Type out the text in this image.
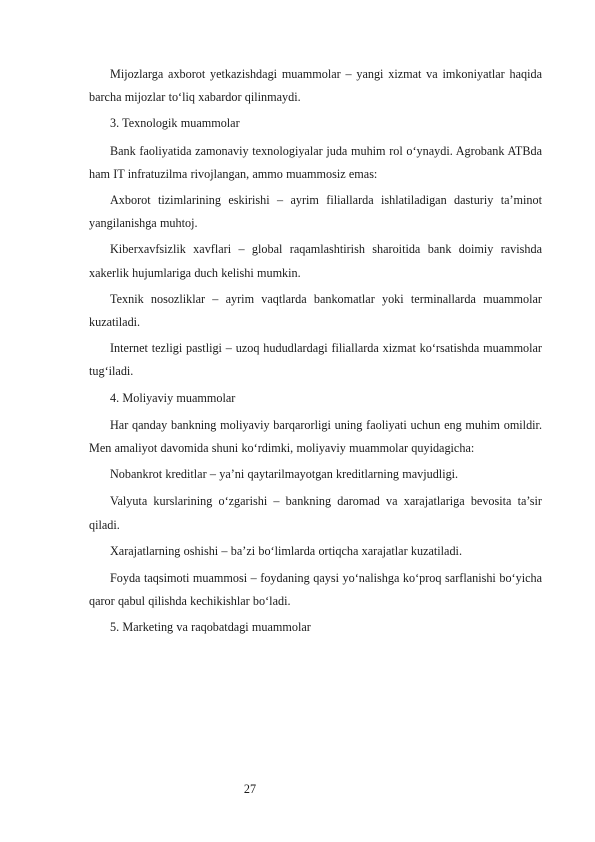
Mijozlarga axborot yetkazishdagi muammolar – yangi xizmat va imkoniyatlar haqida barcha mijozlar to‘liq xabardor qilinmaydi.

3. Texnologik muammolar

Bank faoliyatida zamonaviy texnologiyalar juda muhim rol o‘ynaydi. Agrobank ATBda ham IT infratuzilma rivojlangan, ammo muammosiz emas:

Axborot tizimlarining eskirishi – ayrim filiallarda ishlatiladigan dasturiy ta’minot yangilanishga muhtoj.

Kiberxavfsizlik xavflari – global raqamlashtirish sharoitida bank doimiy ravishda xakerlik hujumlariga duch kelishi mumkin.

Texnik nosozliklar – ayrim vaqtlarda bankomatlar yoki terminallarda muammolar kuzatiladi.

Internet tezligi pastligi – uzoq hududlardagi filiallarda xizmat ko‘rsatishda muammolar tug‘iladi.

4. Moliyaviy muammolar

Har qanday bankning moliyaviy barqarorligi uning faoliyati uchun eng muhim omildir. Men amaliyot davomida shuni ko‘rdimki, moliyaviy muammolar quyidagicha:

Nobankrot kreditlar – ya’ni qaytarilmayotgan kreditlarning mavjudligi.

Valyuta kurslarining o‘zgarishi – bankning daromad va xarajatlariga bevosita ta’sir qiladi.

Xarajatlarning oshishi – ba’zi bo‘limlarda ortiqcha xarajatlar kuzatiladi.

Foyda taqsimoti muammosi – foydaning qaysi yo‘nalishga ko‘proq sarflanishi bo‘yicha qaror qabul qilishda kechikishlar bo‘ladi.

5. Marketing va raqobatdagi muammolar

27
